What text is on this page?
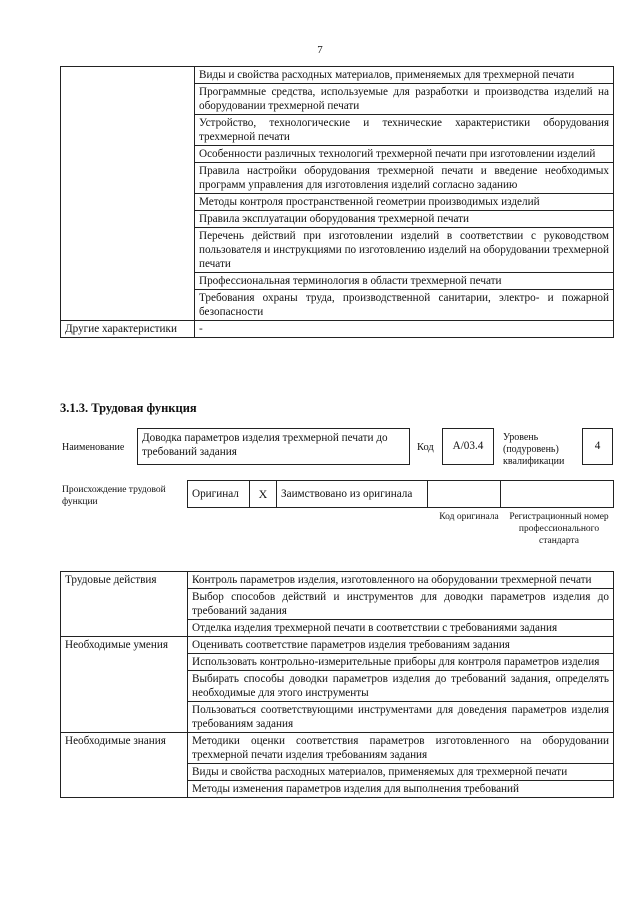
7
	Виды и свойства расходных материалов, применяемых для трехмерной печати
	Программные средства, используемые для разработки и производства изделий на оборудовании трехмерной печати
	Устройство, технологические и технические характеристики оборудования трехмерной печати
	Особенности различных технологий трехмерной печати при изготовлении изделий
	Правила настройки оборудования трехмерной печати и введение необходимых программ управления для изготовления изделий согласно заданию
	Методы контроля пространственной геометрии производимых изделий
	Правила эксплуатации оборудования трехмерной печати
	Перечень действий при изготовлении изделий в соответствии с руководством пользователя и инструкциями по изготовлению изделий на оборудовании трехмерной печати
	Профессиональная терминология в области трехмерной печати
	Требования охраны труда, производственной санитарии, электро- и пожарной безопасности
Другие характеристики	-
3.1.3. Трудовая функция
Наименование
Доводка параметров изделия трехмерной печати до требований задания	Код	A/03.4
Уровень (подуровень) квалификации
4
Происхождение трудовой функции
Оригинал	X	Заимствовано из оригинала		
Код оригинала	Регистрационный номер профессионального стандарта
Трудовые действия	Контроль параметров изделия, изготовленного на оборудовании трехмерной печати
	Выбор способов действий и инструментов для доводки параметров изделия до требований задания
	Отделка изделия трехмерной печати в соответствии с требованиями задания
Необходимые умения	Оценивать соответствие параметров изделия требованиям задания
	Использовать контрольно-измерительные приборы для контроля параметров изделия
	Выбирать способы доводки параметров изделия до требований задания, определять необходимые для этого инструменты
	Пользоваться соответствующими инструментами для доведения параметров изделия требованиям задания
Необходимые знания	Методики оценки соответствия параметров изготовленного на оборудовании трехмерной печати изделия требованиям задания
	Виды и свойства расходных материалов, применяемых для трехмерной печати
	Методы изменения параметров изделия для выполнения требований
